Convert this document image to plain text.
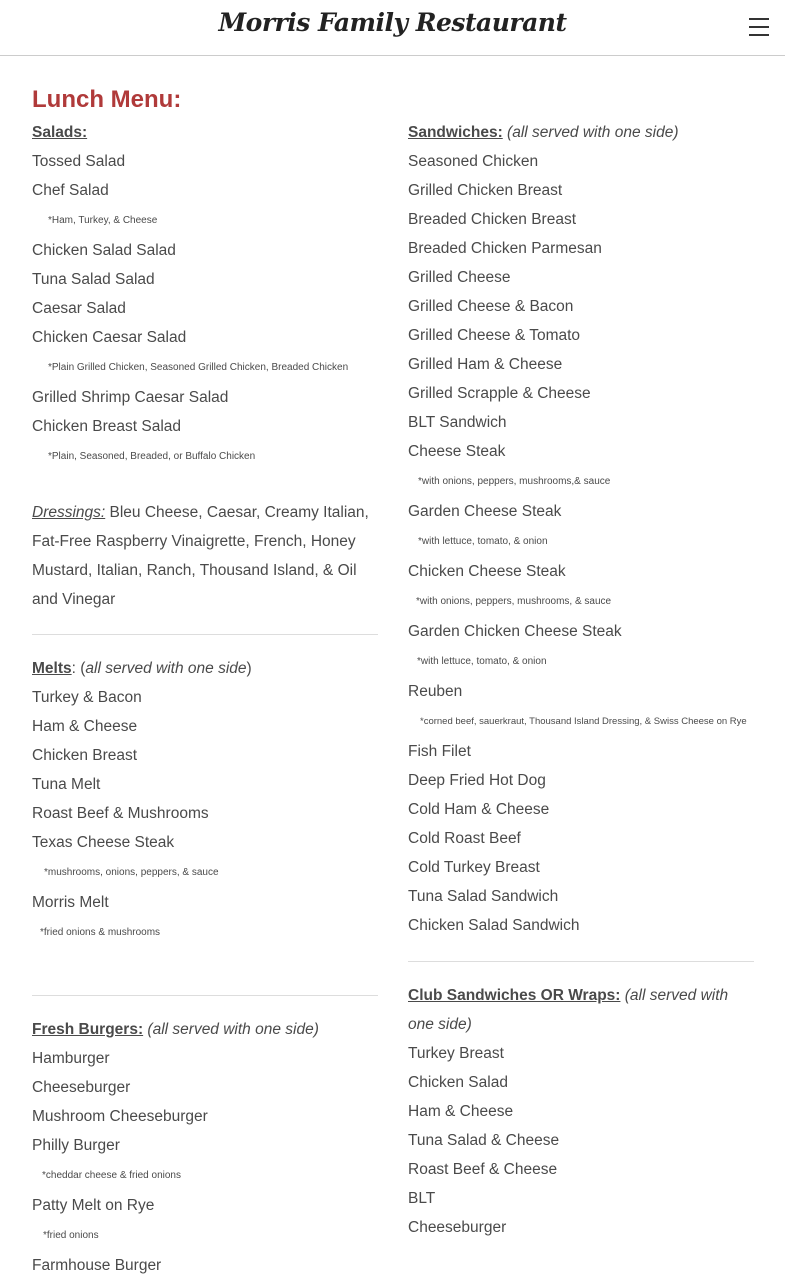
Morris Family Restaurant
Lunch Menu:
Salads:
Tossed Salad
Chef Salad
*Ham, Turkey, & Cheese
Chicken Salad Salad
Tuna Salad Salad
Caesar Salad
Chicken Caesar Salad
*Plain Grilled Chicken, Seasoned Grilled Chicken, Breaded Chicken
Grilled Shrimp Caesar Salad
Chicken Breast Salad
*Plain, Seasoned, Breaded, or Buffalo Chicken
Dressings: Bleu Cheese, Caesar, Creamy Italian, Fat-Free Raspberry Vinaigrette, French, Honey Mustard, Italian, Ranch, Thousand Island, & Oil and Vinegar
Melts: (all served with one side)
Turkey & Bacon
Ham & Cheese
Chicken Breast
Tuna Melt
Roast Beef & Mushrooms
Texas Cheese Steak
*mushrooms, onions, peppers, & sauce
Morris Melt
*fried onions & mushrooms
Fresh Burgers: (all served with one side)
Hamburger
Cheeseburger
Mushroom Cheeseburger
Philly Burger
*cheddar cheese & fried onions
Patty Melt on Rye
*fried onions
Farmhouse Burger
Sandwiches: (all served with one side)
Seasoned Chicken
Grilled Chicken Breast
Breaded Chicken Breast
Breaded Chicken Parmesan
Grilled Cheese
Grilled Cheese & Bacon
Grilled Cheese & Tomato
Grilled Ham & Cheese
Grilled Scrapple & Cheese
BLT Sandwich
Cheese Steak
*with onions, peppers, mushrooms,& sauce
Garden Cheese Steak
*with lettuce, tomato, & onion
Chicken Cheese Steak
*with onions, peppers, mushrooms, & sauce
Garden Chicken Cheese Steak
*with lettuce, tomato, & onion
Reuben
*corned beef, sauerkraut, Thousand Island Dressing, & Swiss Cheese on Rye
Fish Filet
Deep Fried Hot Dog
Cold Ham & Cheese
Cold Roast Beef
Cold Turkey Breast
Tuna Salad Sandwich
Chicken Salad Sandwich
Club Sandwiches OR Wraps: (all served with one side)
Turkey Breast
Chicken Salad
Ham & Cheese
Tuna Salad & Cheese
Roast Beef & Cheese
BLT
Cheeseburger
